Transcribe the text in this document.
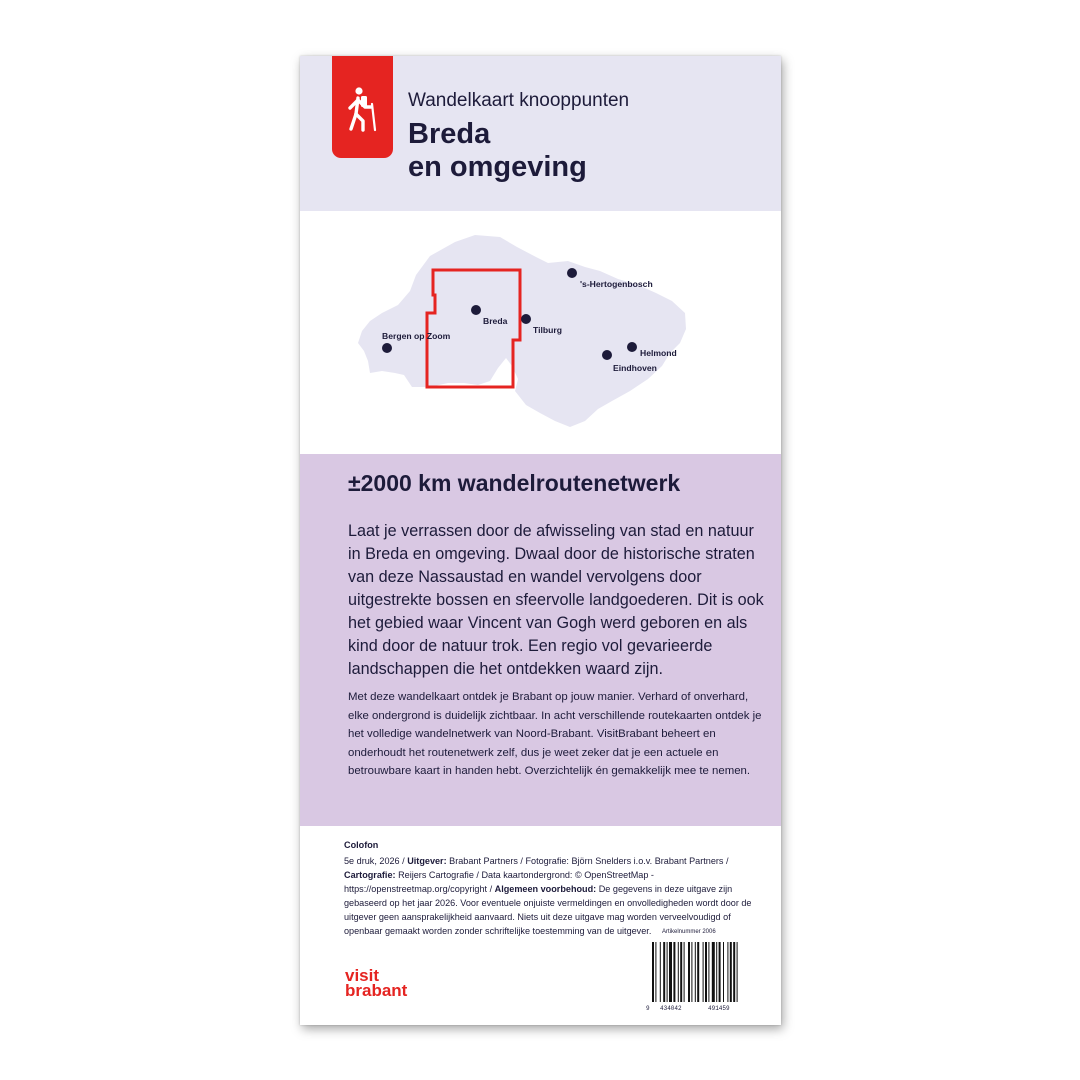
Wandelkaart knooppunten
Breda
en omgeving
's-Hertogenbosch
Breda
Tilburg
Bergen op Zoom
Helmond
Eindhoven
±2000 km wandelroutenetwerk

Laat je verrassen door de afwisseling van stad en natuur in Breda en omgeving. Dwaal door de historische straten van deze Nassaustad en wandel vervolgens door uitgestrekte bossen en sfeervolle landgoederen. Dit is ook het gebied waar Vincent van Gogh werd geboren en als kind door de natuur trok. Een regio vol gevarieerde landschappen die het ontdekken waard zijn.

Met deze wandelkaart ontdek je Brabant op jouw manier. Verhard of onverhard, elke ondergrond is duidelijk zichtbaar. In acht verschillende routekaarten ontdek je het volledige wandelnetwerk van Noord-Brabant. VisitBrabant beheert en onderhoudt het routenetwerk zelf, dus je weet zeker dat je een actuele en betrouwbare kaart in handen hebt. Overzichtelijk én gemakkelijk mee te nemen.

Colofon

5e druk, 2026 / Uitgever: Brabant Partners / Fotografie: Björn Snelders i.o.v. Brabant Partners / Cartografie: Reijers Cartografie / Data kaartondergrond: © OpenStreetMap - https://openstreetmap.org/copyright / Algemeen voorbehoud: De gegevens in deze uitgave zijn gebaseerd op het jaar 2026. Voor eventuele onjuiste vermeldingen en onvolledigheden wordt door de uitgever geen aansprakelijkheid aanvaard. Niets uit deze uitgave mag worden verveelvoudigd of openbaar gemaakt worden zonder schriftelijke toestemming van de uitgever.	Artikelnummer 2006
9 434042	491459
visit
brabant
